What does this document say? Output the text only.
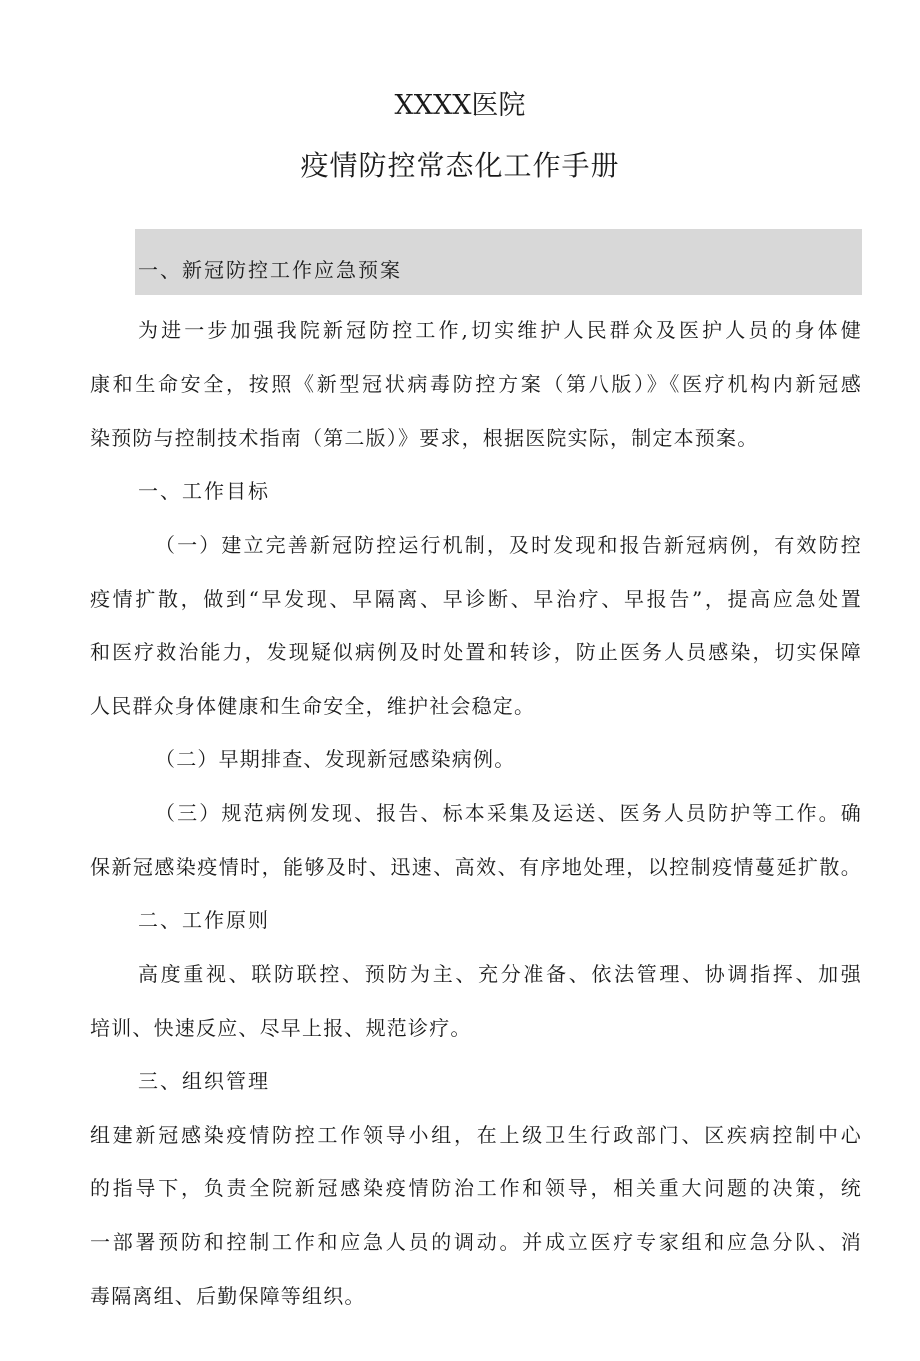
XXXX医院
疫情防控常态化工作手册
一、新冠防控工作应急预案
为进一步加强我院新冠防控工作,切实维护人民群众及医护人员的身体健
康和生命安全，按照《新型冠状病毒防控方案（第八版）》《医疗机构内新冠感
染预防与控制技术指南（第二版）》要求，根据医院实际，制定本预案。
一、工作目标
（一）建立完善新冠防控运行机制，及时发现和报告新冠病例，有效防控
疫情扩散，做到“早发现、早隔离、早诊断、早治疗、早报告”，提高应急处置
和医疗救治能力，发现疑似病例及时处置和转诊，防止医务人员感染，切实保障
人民群众身体健康和生命安全，维护社会稳定。
（二）早期排查、发现新冠感染病例。
（三）规范病例发现、报告、标本采集及运送、医务人员防护等工作。确
保新冠感染疫情时，能够及时、迅速、高效、有序地处理，以控制疫情蔓延扩散。
二、工作原则
高度重视、联防联控、预防为主、充分准备、依法管理、协调指挥、加强
培训、快速反应、尽早上报、规范诊疗。
三、组织管理
组建新冠感染疫情防控工作领导小组，在上级卫生行政部门、区疾病控制中心
的指导下，负责全院新冠感染疫情防治工作和领导，相关重大问题的决策，统
一部署预防和控制工作和应急人员的调动。并成立医疗专家组和应急分队、消
毒隔离组、后勤保障等组织。
